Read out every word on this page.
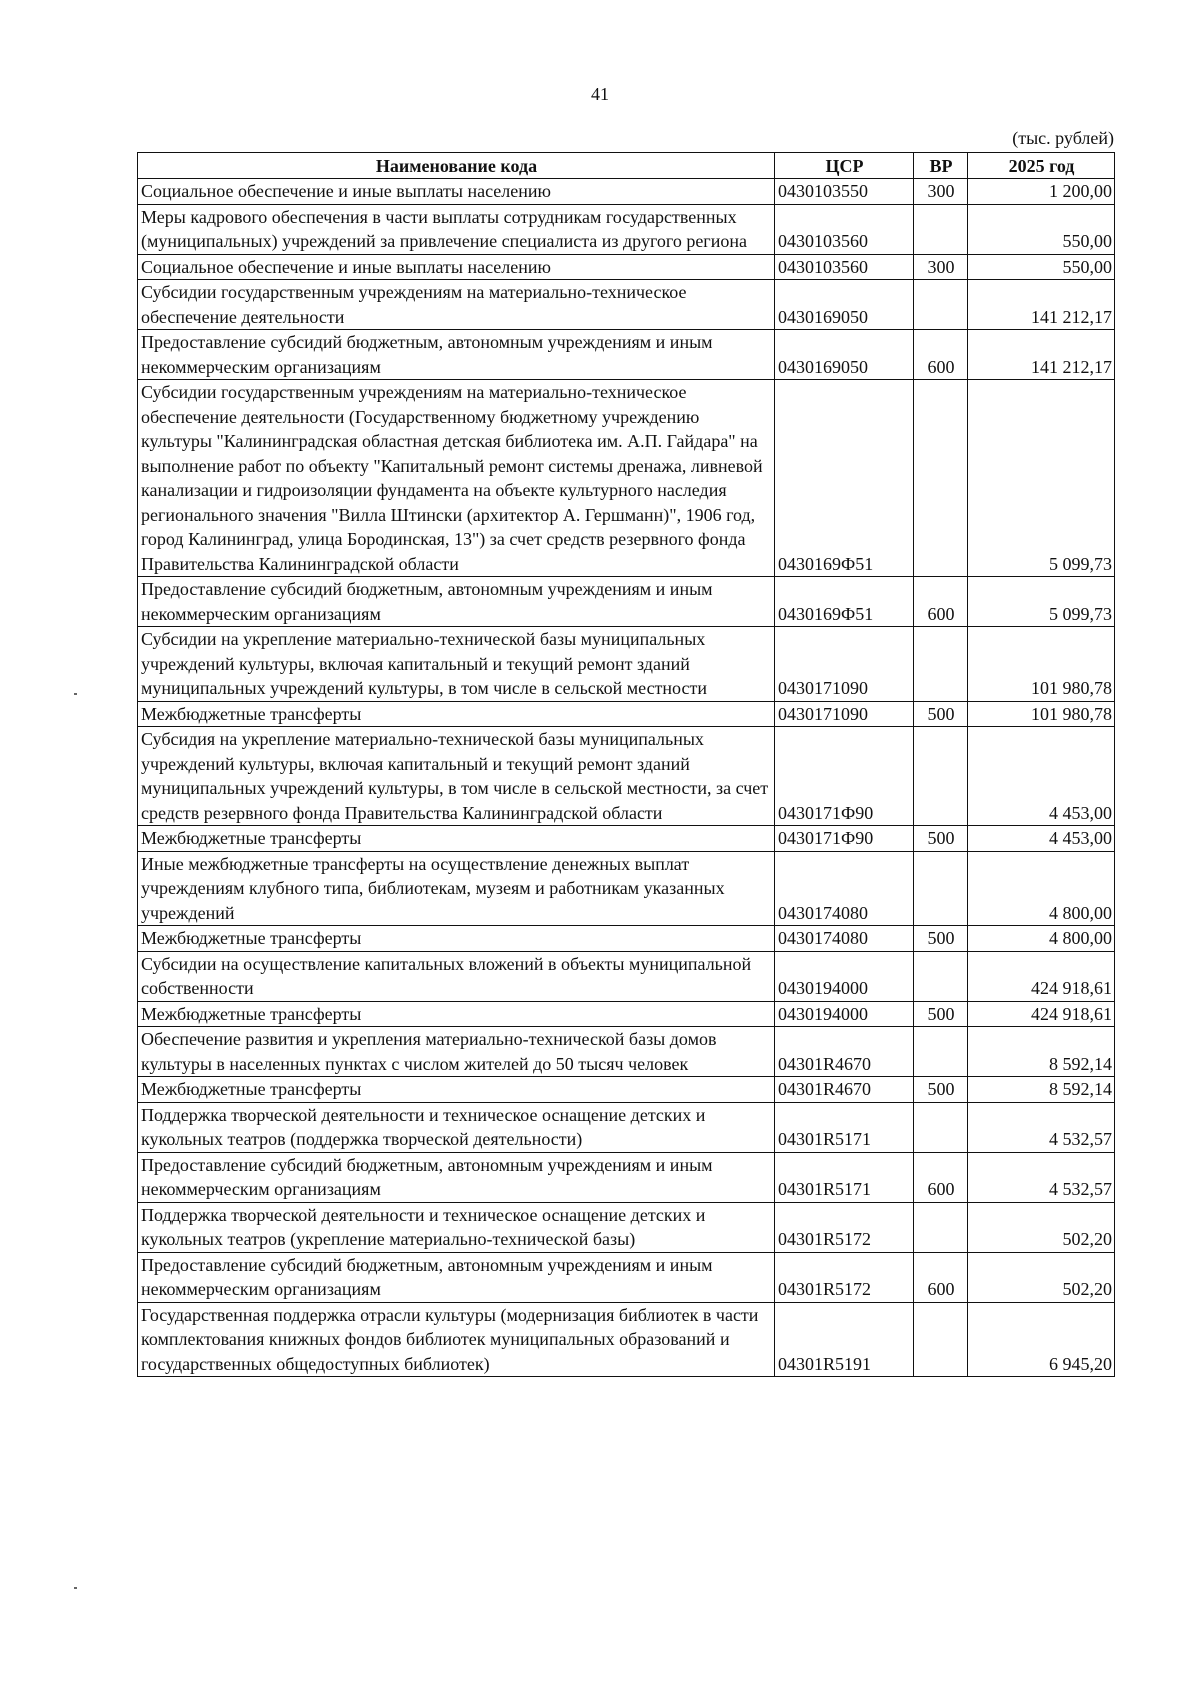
41
(тыс. рублей)
Наименование кода	ЦСР	ВР	2025 год
Социальное обеспечение и иные выплаты населению	0430103550	300	1 200,00
Меры кадрового обеспечения в части выплаты сотрудникам государственных (муниципальных) учреждений за привлечение специалиста из другого региона	0430103560		550,00
Социальное обеспечение и иные выплаты населению	0430103560	300	550,00
Субсидии государственным учреждениям на материально-техническое обеспечение деятельности	0430169050		141 212,17
Предоставление субсидий бюджетным, автономным учреждениям и иным некоммерческим организациям	0430169050	600	141 212,17
Субсидии государственным учреждениям на материально-техническое обеспечение деятельности (Государственному бюджетному учреждению культуры "Калининградская областная детская библиотека им. А.П. Гайдара" на выполнение работ по объекту "Капитальный ремонт системы дренажа, ливневой канализации и гидроизоляции фундамента на объекте культурного наследия регионального значения "Вилла Штински (архитектор А. Гершманн)", 1906 год, город Калининград, улица Бородинская, 13") за счет средств резервного фонда Правительства Калининградской области	0430169Ф51		5 099,73
Предоставление субсидий бюджетным, автономным учреждениям и иным некоммерческим организациям	0430169Ф51	600	5 099,73
Субсидии на укрепление материально-технической базы муниципальных учреждений культуры, включая капитальный и текущий ремонт зданий муниципальных учреждений культуры, в том числе в сельской местности	0430171090		101 980,78
Межбюджетные трансферты	0430171090	500	101 980,78
Субсидия на укрепление материально-технической базы муниципальных учреждений культуры, включая капитальный и текущий ремонт зданий муниципальных учреждений культуры, в том числе в сельской местности, за счет средств резервного фонда Правительства Калининградской области	0430171Ф90		4 453,00
Межбюджетные трансферты	0430171Ф90	500	4 453,00
Иные межбюджетные трансферты на осуществление денежных выплат учреждениям клубного типа, библиотекам, музеям и работникам указанных учреждений	0430174080		4 800,00
Межбюджетные трансферты	0430174080	500	4 800,00
Субсидии на осуществление капитальных вложений в объекты муниципальной собственности	0430194000		424 918,61
Межбюджетные трансферты	0430194000	500	424 918,61
Обеспечение развития и укрепления материально-технической базы домов культуры в населенных пунктах с числом жителей до 50 тысяч человек	04301R4670		8 592,14
Межбюджетные трансферты	04301R4670	500	8 592,14
Поддержка творческой деятельности и техническое оснащение детских и кукольных театров (поддержка творческой деятельности)	04301R5171		4 532,57
Предоставление субсидий бюджетным, автономным учреждениям и иным некоммерческим организациям	04301R5171	600	4 532,57
Поддержка творческой деятельности и техническое оснащение детских и кукольных театров (укрепление материально-технической базы)	04301R5172		502,20
Предоставление субсидий бюджетным, автономным учреждениям и иным некоммерческим организациям	04301R5172	600	502,20
Государственная поддержка отрасли культуры (модернизация библиотек в части комплектования книжных фондов библиотек муниципальных образований и государственных общедоступных библиотек)	04301R5191		6 945,20
